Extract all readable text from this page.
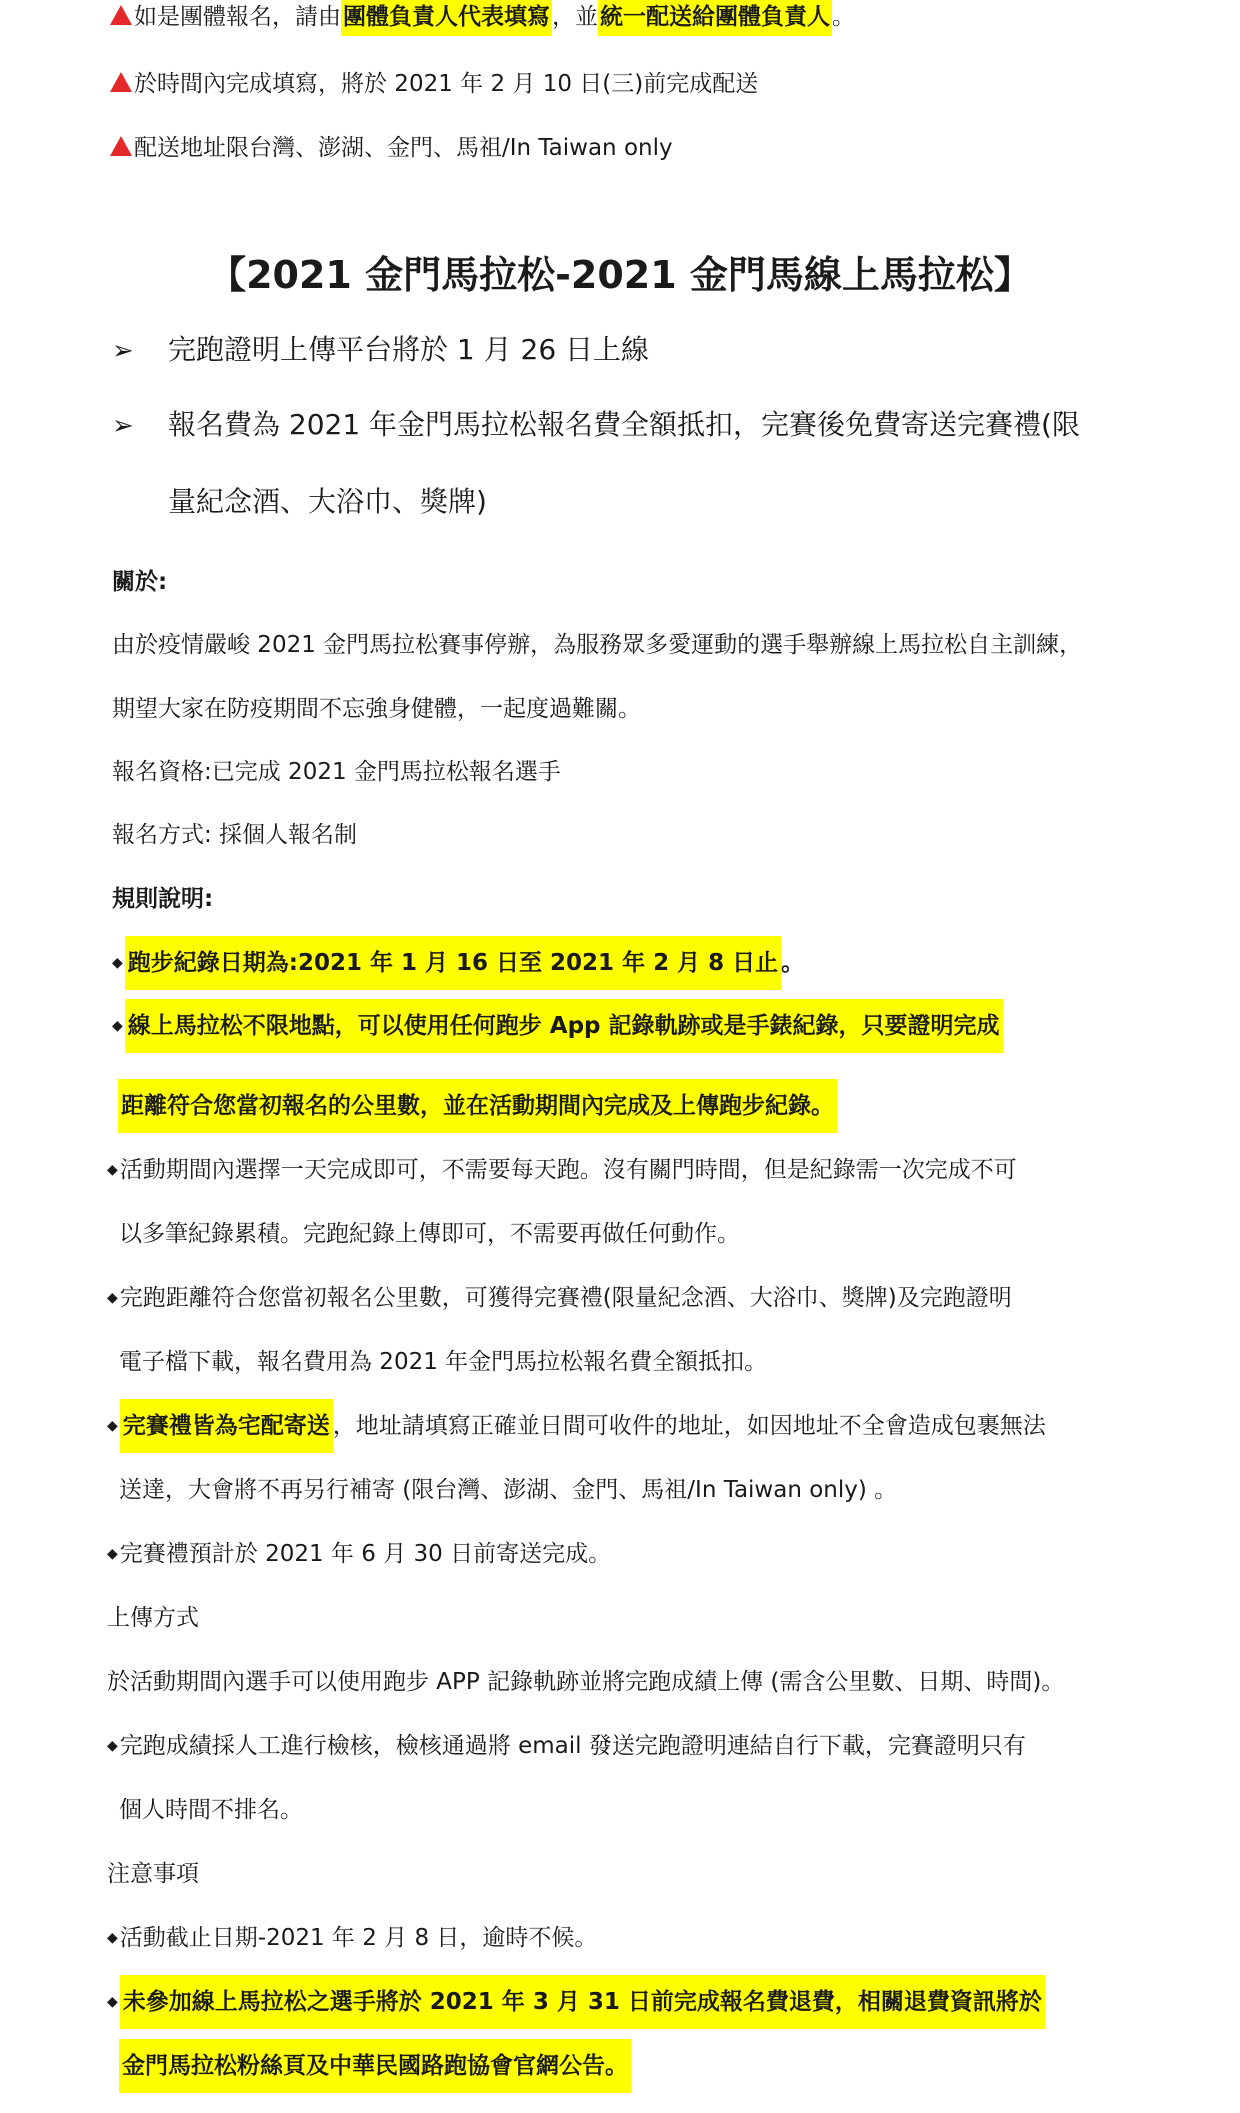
如是團體報名，請由團體負責人代表填寫，並統一配送給團體負責人。
於時間內完成填寫，將於 2021 年 2 月 10 日(三)前完成配送
配送地址限台灣、澎湖、金門、馬祖/In Taiwan only
【2021 金門馬拉松-2021 金門馬線上馬拉松】
➢ 完跑證明上傳平台將於 1 月 26 日上線
➢ 報名費為 2021 年金門馬拉松報名費全額抵扣，完賽後免費寄送完賽禮(限
量紀念酒、大浴巾、獎牌)
關於:
由於疫情嚴峻 2021 金門馬拉松賽事停辦，為服務眾多愛運動的選手舉辦線上馬拉松自主訓練，
期望大家在防疫期間不忘強身健體，一起度過難關。
報名資格:已完成 2021 金門馬拉松報名選手
報名方式: 採個人報名制
規則說明:
◆ 跑步紀錄日期為:2021 年 1 月 16 日至 2021 年 2 月 8 日止 。
◆ 線上馬拉松不限地點，可以使用任何跑步 App 記錄軌跡或是手錶紀錄，只要證明完成
距離符合您當初報名的公里數，並在活動期間內完成及上傳跑步紀錄。
◆活動期間內選擇一天完成即可，不需要每天跑。沒有關門時間，但是紀錄需一次完成不可
以多筆紀錄累積。完跑紀錄上傳即可，不需要再做任何動作。
◆完跑距離符合您當初報名公里數，可獲得完賽禮(限量紀念酒、大浴巾、獎牌)及完跑證明
電子檔下載，報名費用為 2021 年金門馬拉松報名費全額抵扣。
◆ 完賽禮皆為宅配寄送 ，地址請填寫正確並日間可收件的地址，如因地址不全會造成包裹無法
送達，大會將不再另行補寄 (限台灣、澎湖、金門、馬祖/In Taiwan only) 。
◆完賽禮預計於 2021 年 6 月 30 日前寄送完成。
上傳方式
於活動期間內選手可以使用跑步 APP 記錄軌跡並將完跑成績上傳 (需含公里數、日期、時間)。
◆完跑成績採人工進行檢核，檢核通過將 email 發送完跑證明連結自行下載，完賽證明只有
個人時間不排名。
注意事項
◆活動截止日期-2021 年 2 月 8 日，逾時不候。
◆ 未參加線上馬拉松之選手將於 2021 年 3 月 31 日前完成報名費退費，相關退費資訊將於
金門馬拉松粉絲頁及中華民國路跑協會官網公告。
